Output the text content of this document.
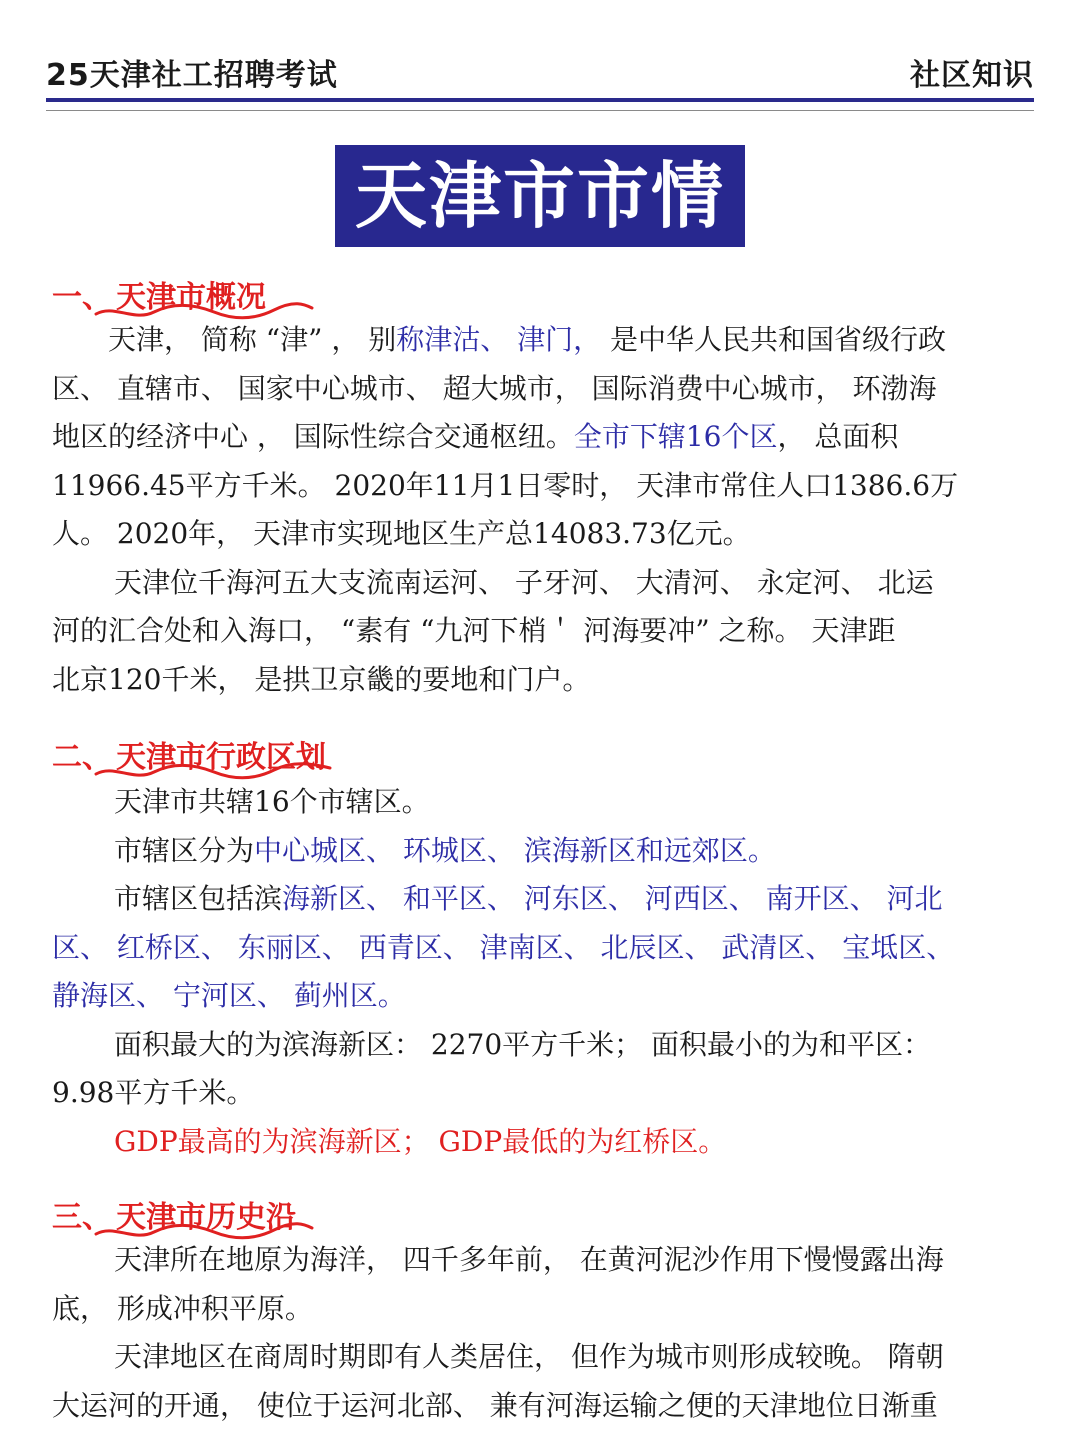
25天津社工招聘考试	社区知识
天津市市情
一、 天津市概况
天津， 简称 “津” ， 别称津沽、 津门， 是中华人民共和国省级行政
区、 直辖市、 国家中心城市、 超大城市， 国际消费中心城市， 环渤海
地区的经济中心 ， 国际性综合交通枢纽。全市下辖16个区， 总面积
11966.45平方千米。 2020年11月1日零时， 天津市常住人口1386.6万
人。 2020年， 天津市实现地区生产总14083.73亿元。
天津位千海河五大支流南运河、 子牙河、 大清河、 永定河、 北运
河的汇合处和入海口， “素有 “九河下梢＇ 河海要冲” 之称。 天津距
北京120千米， 是拱卫京畿的要地和门户。
二、 天津市行政区划
天津市共辖16个市辖区。
市辖区分为中心城区、 环城区、 滨海新区和远郊区。
市辖区包括滨海新区、 和平区、 河东区、 河西区、 南开区、 河北
区、 红桥区、 东丽区、 西青区、 津南区、 北辰区、 武清区、 宝坻区、
静海区、 宁河区、 蓟州区。
面积最大的为滨海新区： 2270平方千米； 面积最小的为和平区：
9.98平方千米。
GDP最高的为滨海新区； GDP最低的为红桥区。
三、 天津市历史沿
天津所在地原为海洋， 四千多年前， 在黄河泥沙作用下慢慢露出海
底， 形成冲积平原。
天津地区在商周时期即有人类居住， 但作为城市则形成较晚。 隋朝
大运河的开通， 使位于运河北部、 兼有河海运输之便的天津地位日渐重
